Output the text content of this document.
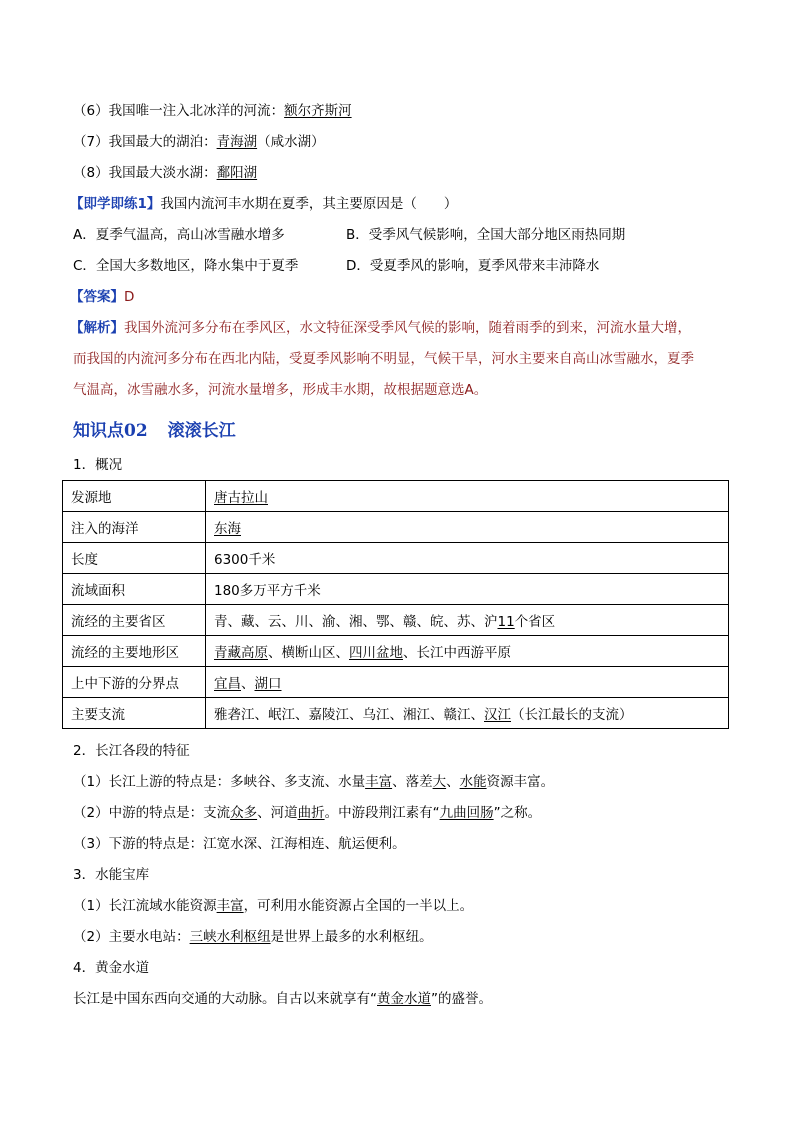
（6）我国唯一注入北冰洋的河流：额尔齐斯河
（7）我国最大的湖泊：青海湖（咸水湖）
（8）我国最大淡水湖：鄱阳湖
【即学即练1】我国内流河丰水期在夏季，其主要原因是（　　）
A．夏季气温高，高山冰雪融水增多	B．受季风气候影响，全国大部分地区雨热同期
C．全国大多数地区，降水集中于夏季	D．受夏季风的影响，夏季风带来丰沛降水
【答案】D
【解析】我国外流河多分布在季风区，水文特征深受季风气候的影响，随着雨季的到来，河流水量大增，
而我国的内流河多分布在西北内陆，受夏季风影响不明显，气候干旱，河水主要来自高山冰雪融水，夏季
气温高，冰雪融水多，河流水量增多，形成丰水期，故根据题意选A。
知识点02 滚滚长江
1．概况
发源地	唐古拉山
注入的海洋	东海
长度	6300千米
流域面积	180多万平方千米
流经的主要省区	青、藏、云、川、渝、湘、鄂、赣、皖、苏、沪11个省区
流经的主要地形区	青藏高原、横断山区、四川盆地、长江中西游平原
上中下游的分界点	宜昌、湖口
主要支流	雅砻江、岷江、嘉陵江、乌江、湘江、赣江、汉江（长江最长的支流）
2．长江各段的特征
（1）长江上游的特点是：多峡谷、多支流、水量丰富、落差大、水能资源丰富。
（2）中游的特点是：支流众多、河道曲折。中游段荆江素有“九曲回肠”之称。
（3）下游的特点是：江宽水深、江海相连、航运便利。
3．水能宝库
（1）长江流域水能资源丰富，可利用水能资源占全国的一半以上。
（2）主要水电站：三峡水利枢纽是世界上最多的水利枢纽。
4．黄金水道
长江是中国东西向交通的大动脉。自古以来就享有“黄金水道”的盛誉。
